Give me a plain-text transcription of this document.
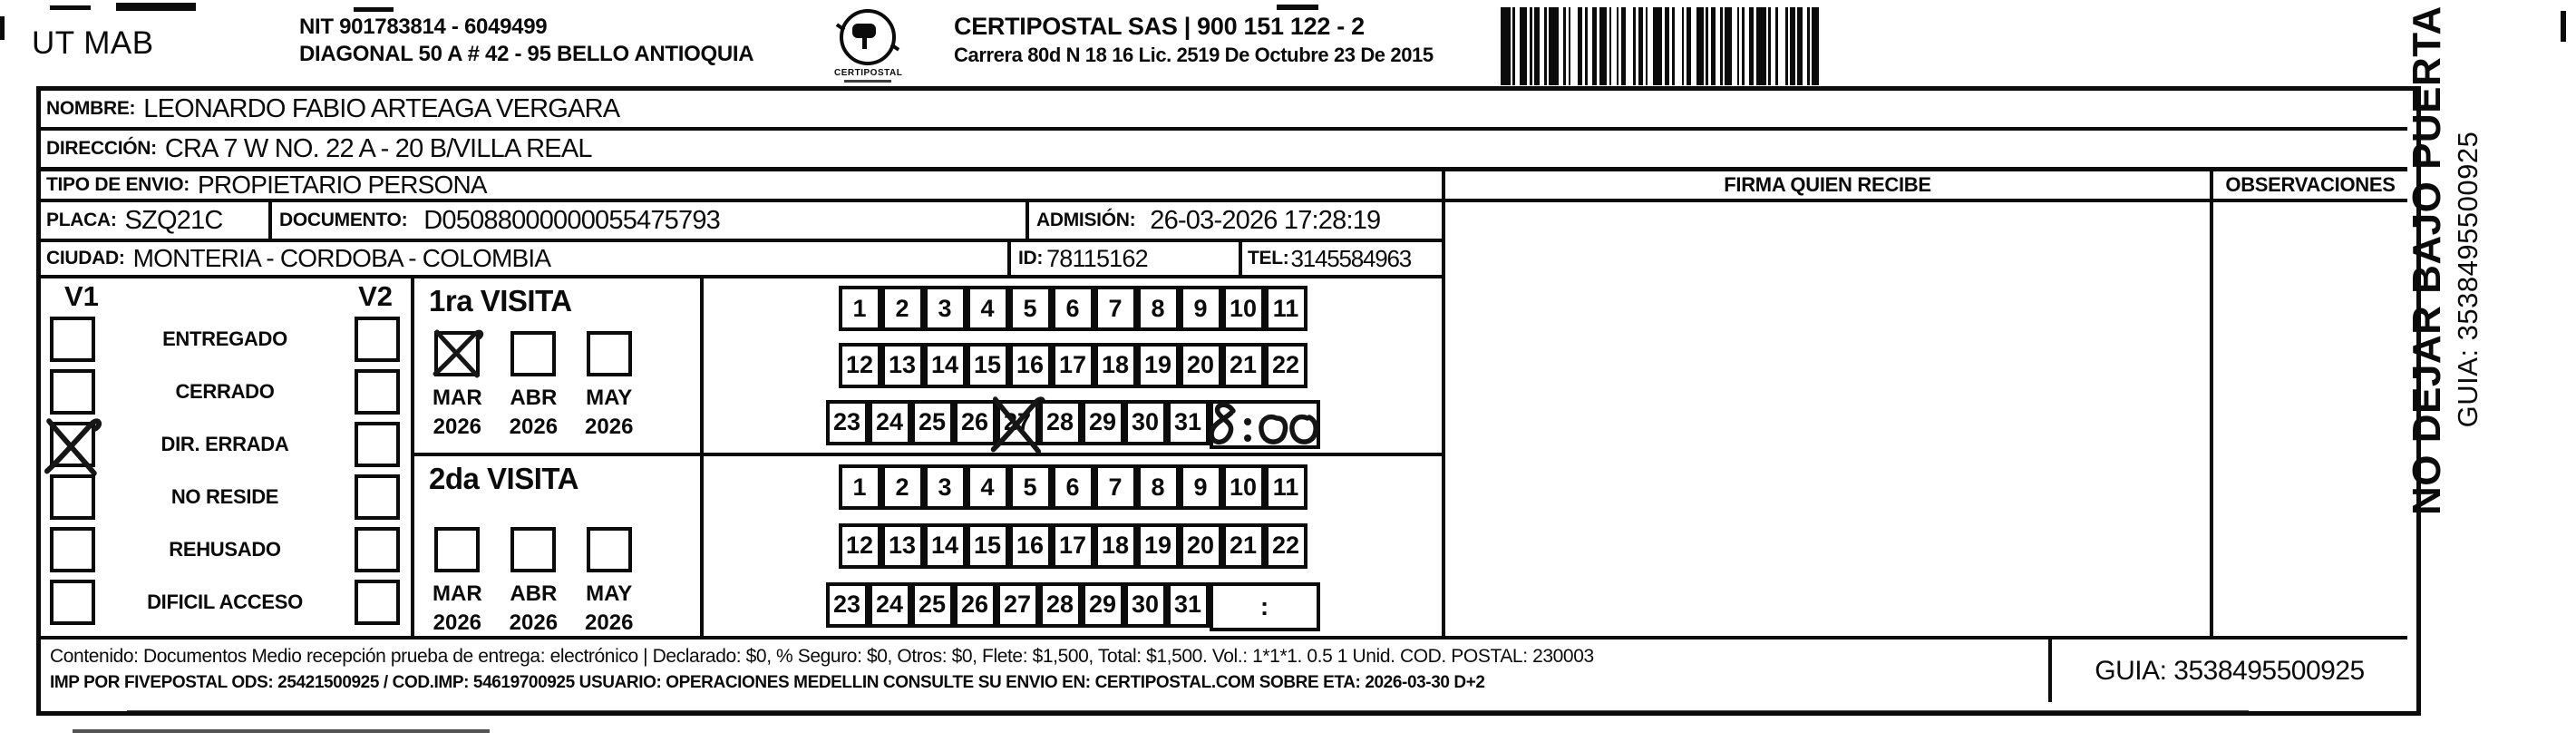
UT MAB	NIT 901783814 - 6049499
DIAGONAL 50 A # 42 - 95 BELLO ANTIOQUIA
CERTIPOSTAL
CERTIPOSTAL SAS | 900 151 122 - 2
Carrera 80d N 18 16 Lic. 2519 De Octubre 23 De 2015
NOMBRE: LEONARDO FABIO ARTEAGA VERGARA
DIRECCIÓN: CRA 7 W NO. 22 A - 20 B/VILLA REAL
TIPO DE ENVIO: PROPIETARIO PERSONA	FIRMA QUIEN RECIBE	OBSERVACIONES
PLACA: SZQ21C	DOCUMENTO: D05088000000055475793	ADMISIÓN: 26-03-2026 17:28:19
CIUDAD: MONTERIA - CORDOBA - COLOMBIA	ID: 78115162	TEL: 3145584963
V1	V2
ENTREGADO
CERRADO
DIR. ERRADA
NO RESIDE
REHUSADO
DIFICIL ACCESO
1ra VISITA
MAR
2026
ABR
2026
MAY
2026
2da VISITA
MAR
2026
ABR
2026
MAY
2026
1	2	3	4	5	6	7	8	9 10 11
12 13 14 15 16 17 18 19 20 21 22
23 24 25 26 27 28 29 30 31
1	2	3	4	5	6	7	8	9 10 11
12 13 14 15 16 17 18 19 20 21 22
23 24 25 26 27 28 29 30 31	:
Contenido: Documentos Medio recepción prueba de entrega: electrónico | Declarado: $0, % Seguro: $0, Otros: $0, Flete: $1,500, Total: $1,500. Vol.: 1*1*1. 0.5 1 Unid. COD. POSTAL: 230003
IMP POR FIVEPOSTAL ODS: 25421500925 / COD.IMP: 54619700925 USUARIO: OPERACIONES MEDELLIN CONSULTE SU ENVIO EN: CERTIPOSTAL.COM SOBRE ETA: 2026-03-30 D+2	GUIA: 3538495500925
NO DEJAR BAJO PUERTA GUIA: 3538495500925
